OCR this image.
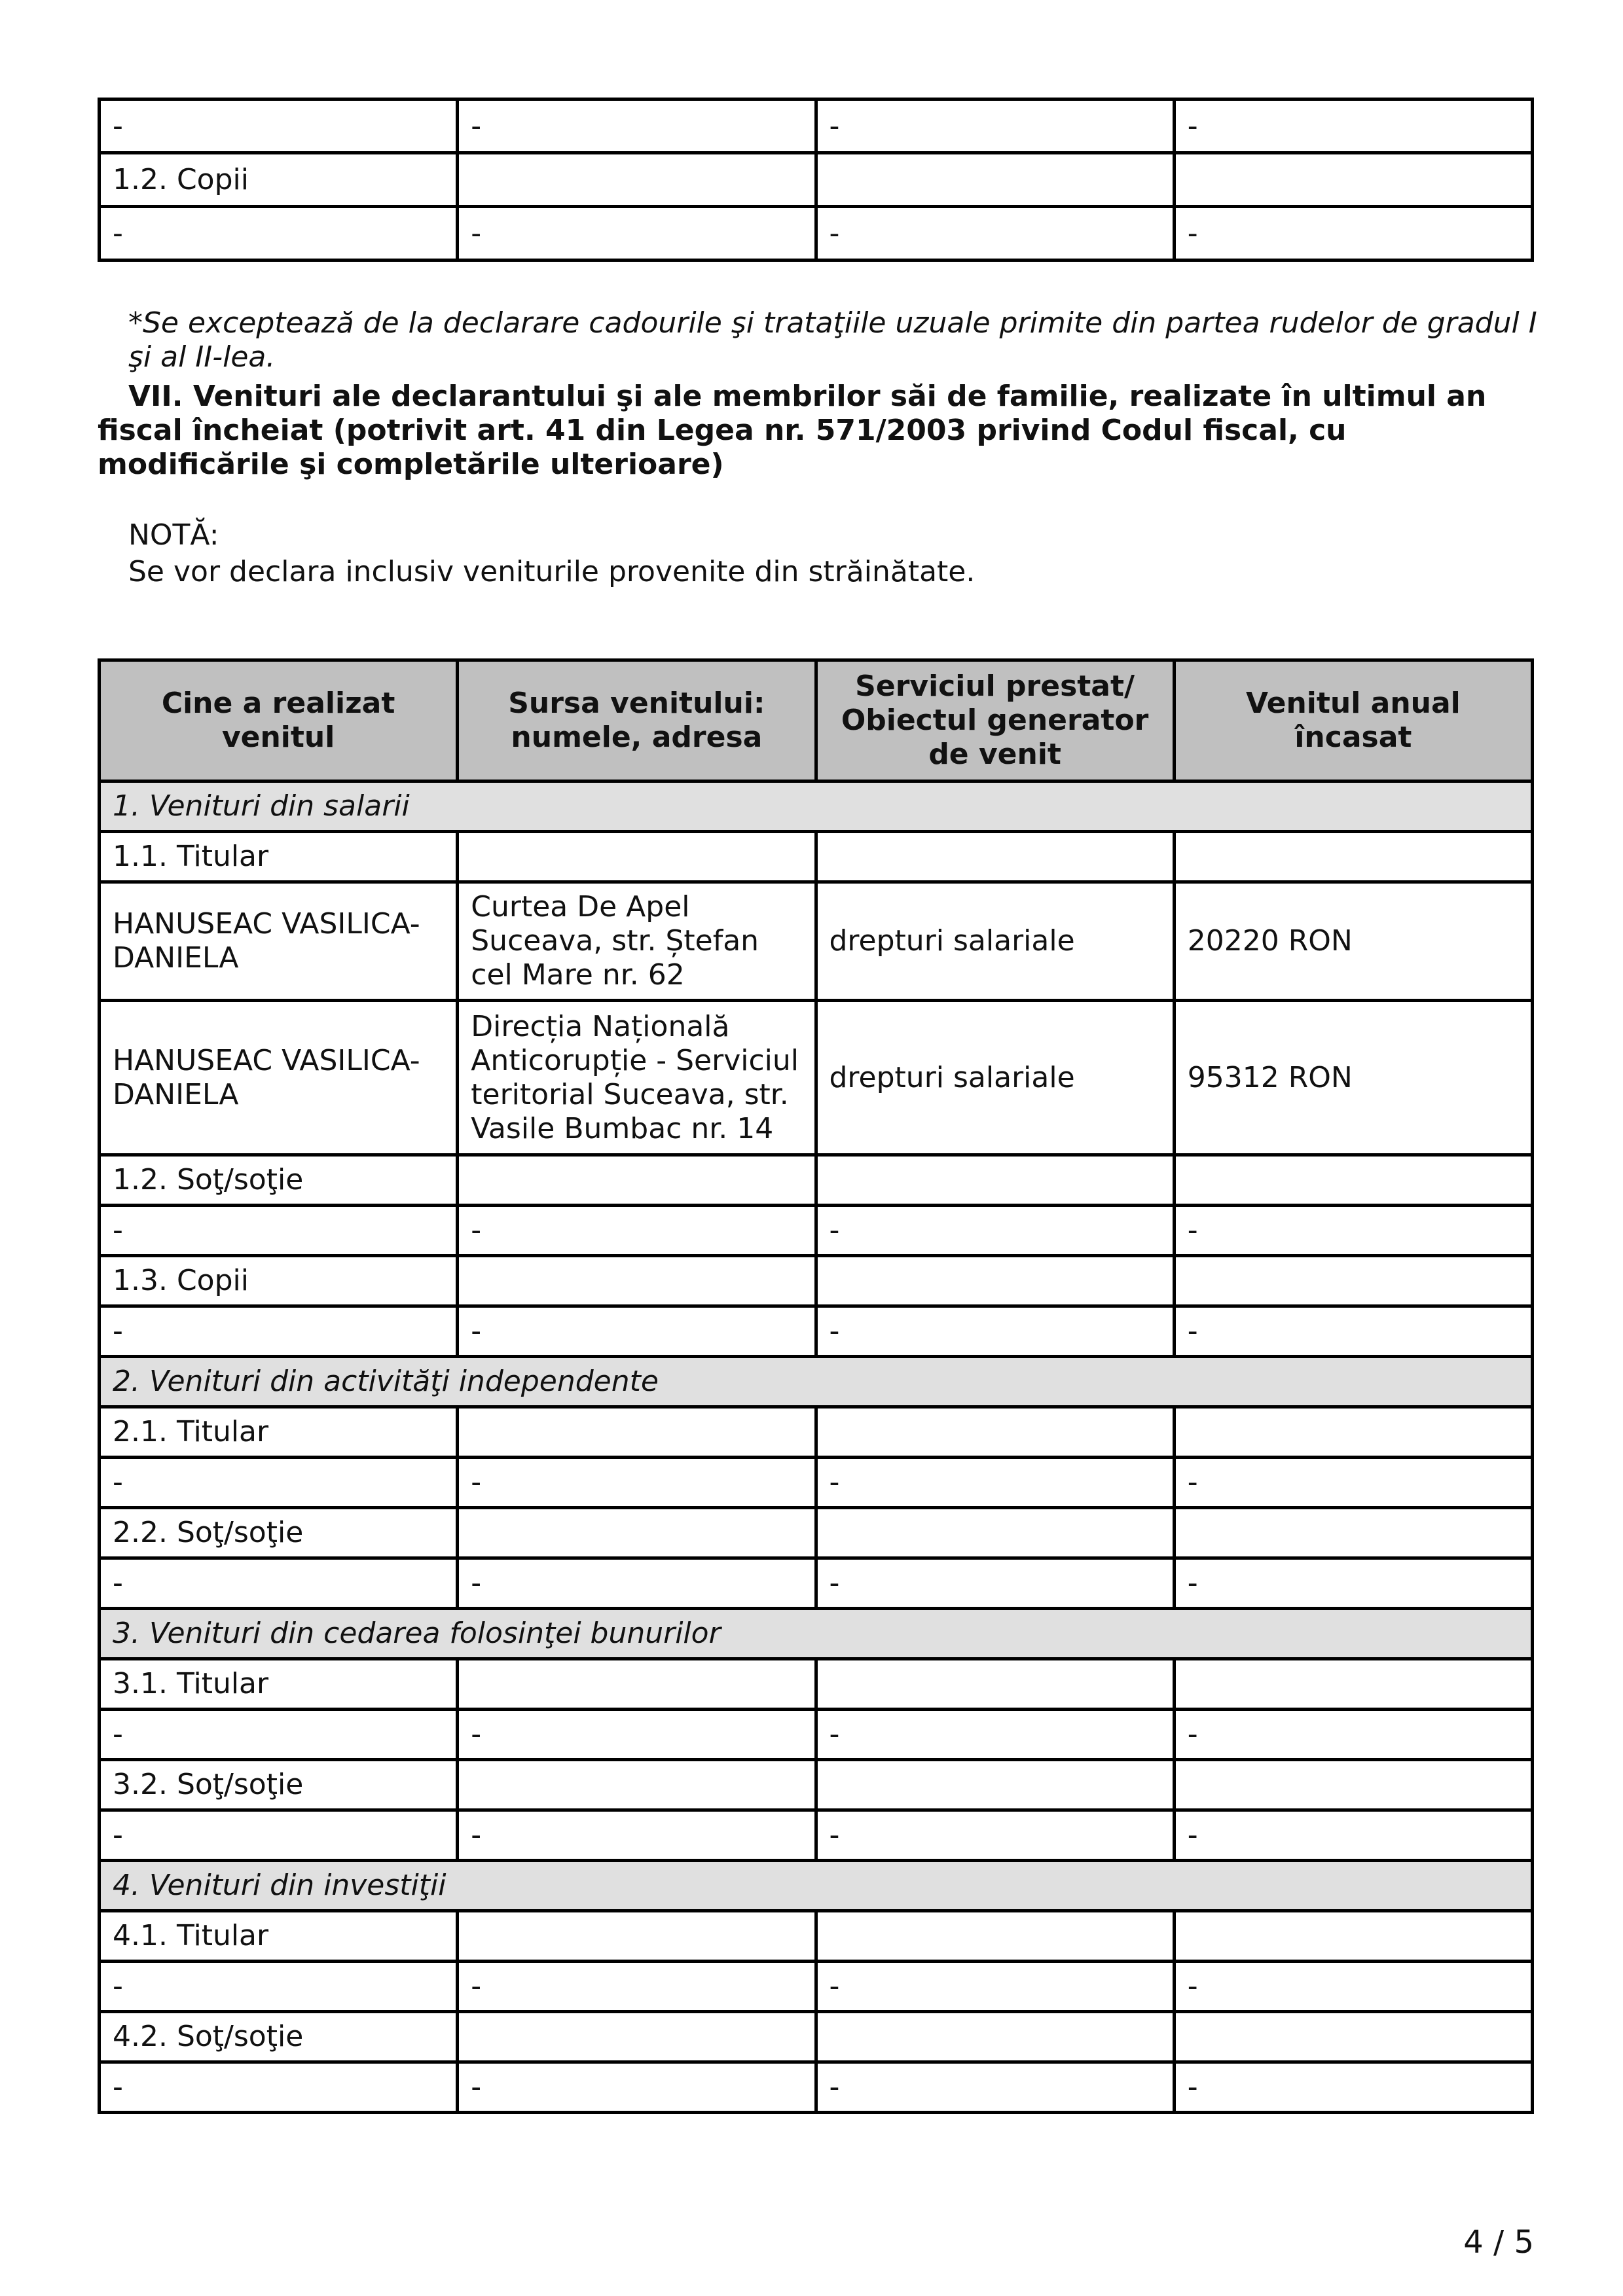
-	-	-	-
1.2. Copii			
-	-	-	-

*Se exceptează de la declarare cadourile şi trataţiile uzuale primite din partea rudelor de gradul I şi al II-lea.

VII. Venituri ale declarantului şi ale membrilor săi de familie, realizate în ultimul an fiscal încheiat (potrivit art. 41 din Legea nr. 571/2003 privind Codul fiscal, cu modificările şi completările ulterioare)

NOTĂ:

Se vor declara inclusiv veniturile provenite din străinătate.

Cine a realizat venitul	Sursa venitului: numele, adresa	Serviciul prestat/ Obiectul generator de venit	Venitul anual încasat
1. Venituri din salarii			
1.1. Titular			
HANUSEAC VASILICA-DANIELA	Curtea De Apel Suceava, str. Ștefan cel Mare nr. 62	drepturi salariale	20220 RON
HANUSEAC VASILICA-DANIELA	Direcția Națională Anticorupție - Serviciul teritorial Suceava, str. Vasile Bumbac nr. 14	drepturi salariale	95312 RON
1.2. Soţ/soţie			
-	-	-	-
1.3. Copii			
-	-	-	-
2. Venituri din activităţi independente			
2.1. Titular			
-	-	-	-
2.2. Soţ/soţie			
-	-	-	-
3. Venituri din cedarea folosinţei bunurilor			
3.1. Titular			
-	-	-	-
3.2. Soţ/soţie			
-	-	-	-
4. Venituri din investiţii			
4.1. Titular			
-	-	-	-
4.2. Soţ/soţie			
-	-	-	-
4 / 5
